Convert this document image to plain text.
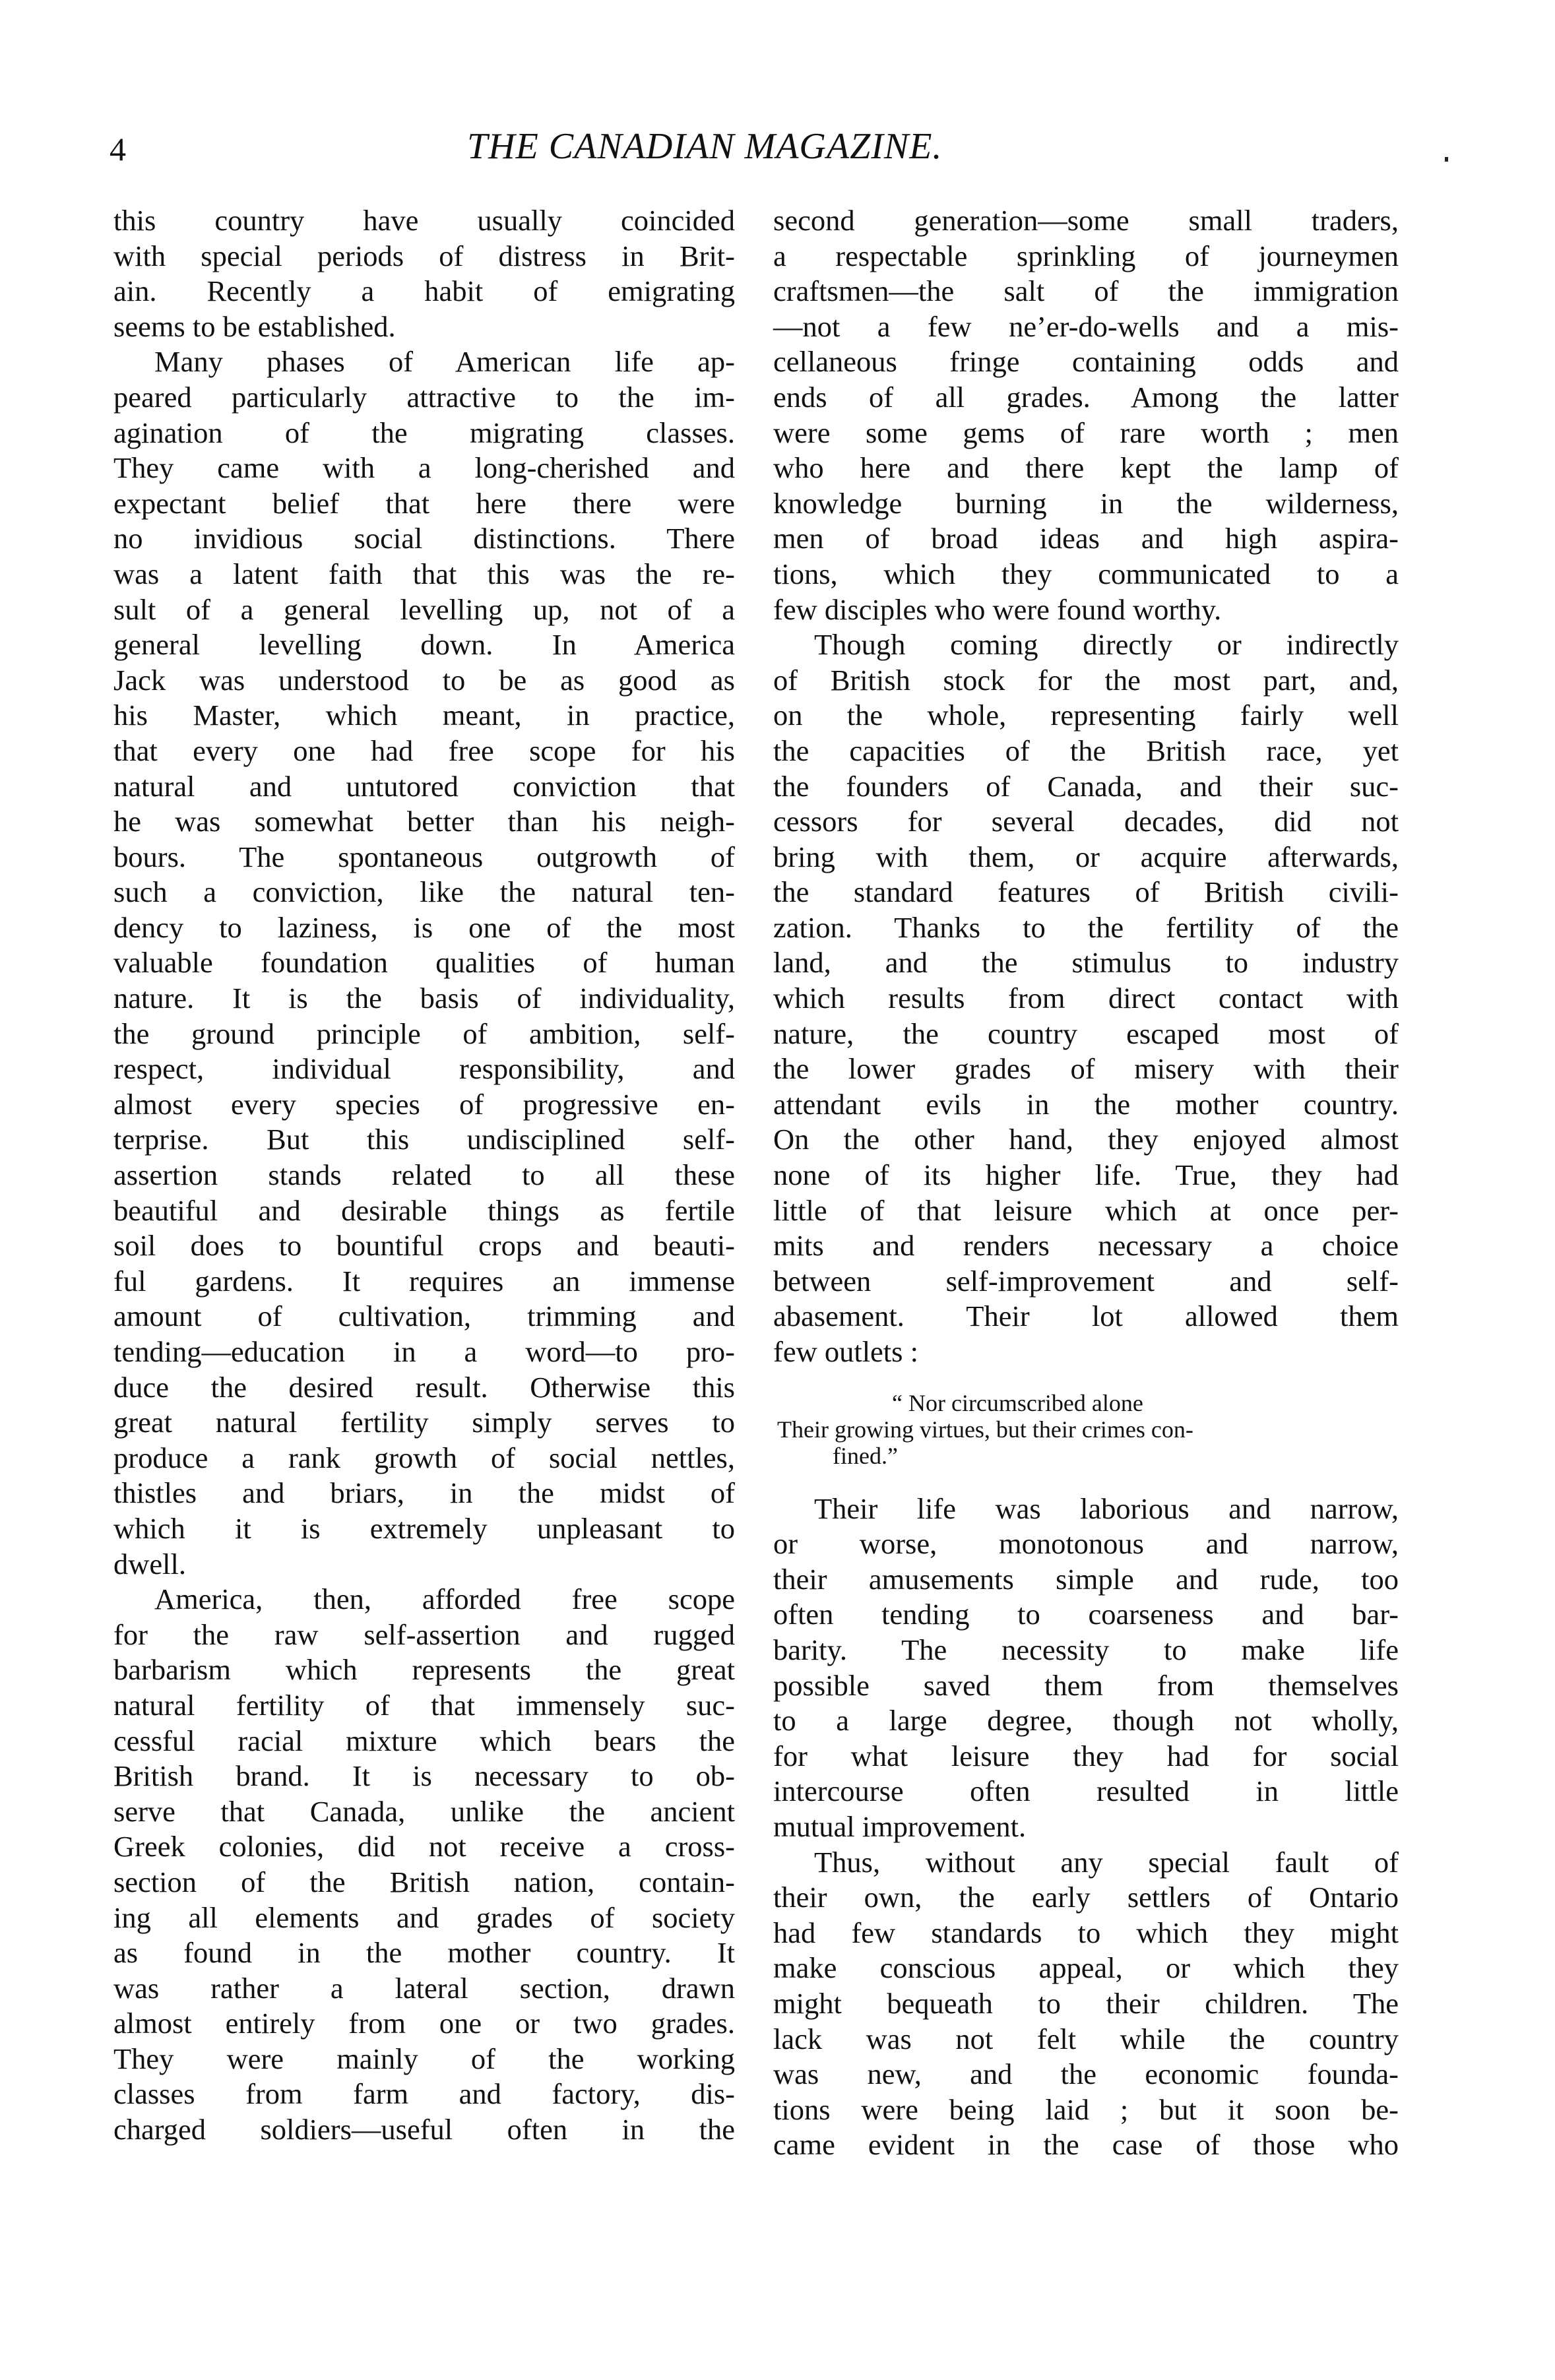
4	THE CANADIAN MAGAZINE.
this country have usually coincided
with special periods of distress in Brit-
ain. Recently a habit of emigrating
seems to be established.
Many phases of American life ap-
peared particularly attractive to the im-
agination of the migrating classes.
They came with a long-cherished and
expectant belief that here there were
no invidious social distinctions. There
was a latent faith that this was the re-
sult of a general levelling up, not of a
general levelling down. In America
Jack was understood to be as good as
his Master, which meant, in practice,
that every one had free scope for his
natural and untutored conviction that
he was somewhat better than his neigh-
bours. The spontaneous outgrowth of
such a conviction, like the natural ten-
dency to laziness, is one of the most
valuable foundation qualities of human
nature. It is the basis of individuality,
the ground principle of ambition, self-
respect, individual responsibility, and
almost every species of progressive en-
terprise. But this undisciplined self-
assertion stands related to all these
beautiful and desirable things as fertile
soil does to bountiful crops and beauti-
ful gardens. It requires an immense
amount of cultivation, trimming and
tending—education in a word—to pro-
duce the desired result. Otherwise this
great natural fertility simply serves to
produce a rank growth of social nettles,
thistles and briars, in the midst of
which it is extremely unpleasant to
dwell.
America, then, afforded free scope
for the raw self-assertion and rugged
barbarism which represents the great
natural fertility of that immensely suc-
cessful racial mixture which bears the
British brand. It is necessary to ob-
serve that Canada, unlike the ancient
Greek colonies, did not receive a cross-
section of the British nation, contain-
ing all elements and grades of society
as found in the mother country. It
was rather a lateral section, drawn
almost entirely from one or two grades.
They were mainly of the working
classes from farm and factory, dis-
charged soldiers—useful often in the
second generation—some small traders,
a respectable sprinkling of journeymen
craftsmen—the salt of the immigration
—not a few ne’er-do-wells and a mis-
cellaneous fringe containing odds and
ends of all grades. Among the latter
were some gems of rare worth ; men
who here and there kept the lamp of
knowledge burning in the wilderness,
men of broad ideas and high aspira-
tions, which they communicated to a
few disciples who were found worthy.
Though coming directly or indirectly
of British stock for the most part, and,
on the whole, representing fairly well
the capacities of the British race, yet
the founders of Canada, and their suc-
cessors for several decades, did not
bring with them, or acquire afterwards,
the standard features of British civili-
zation. Thanks to the fertility of the
land, and the stimulus to industry
which results from direct contact with
nature, the country escaped most of
the lower grades of misery with their
attendant evils in the mother country.
On the other hand, they enjoyed almost
none of its higher life. True, they had
little of that leisure which at once per-
mits and renders necessary a choice
between self-improvement and self-
abasement. Their lot allowed them
few outlets :
“ Nor circumscribed alone
Their growing virtues, but their crimes con-
fined.”
Their life was laborious and narrow,
or worse, monotonous and narrow,
their amusements simple and rude, too
often tending to coarseness and bar-
barity. The necessity to make life
possible saved them from themselves
to a large degree, though not wholly,
for what leisure they had for social
intercourse often resulted in little
mutual improvement.
Thus, without any special fault of
their own, the early settlers of Ontario
had few standards to which they might
make conscious appeal, or which they
might bequeath to their children. The
lack was not felt while the country
was new, and the economic founda-
tions were being laid ; but it soon be-
came evident in the case of those who
